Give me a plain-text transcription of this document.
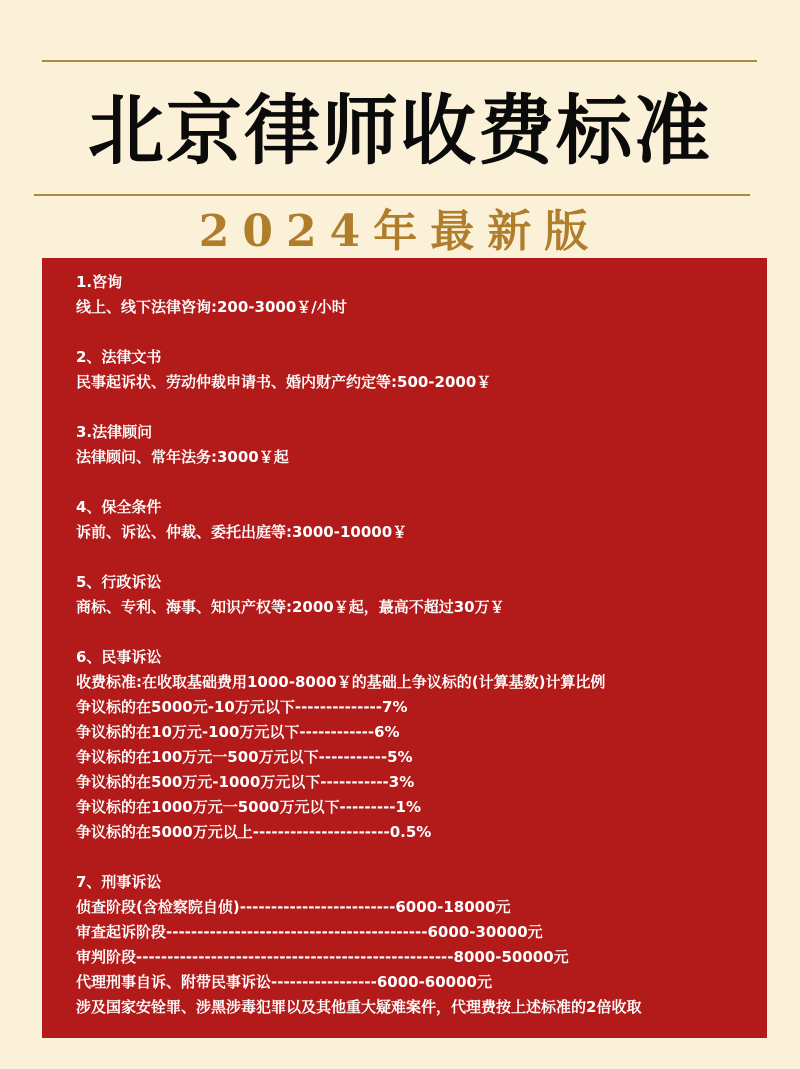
北京律师收费标准
2024年最新版
1.咨询
线上、线下法律咨询:200-3000￥/小时
2、法律文书
民事起诉状、劳动仲裁申请书、婚内财产约定等:500-2000￥
3.法律顾问
法律顾问、常年法务:3000￥起
4、保全条件
诉前、诉讼、仲裁、委托出庭等:3000-10000￥
5、行政诉讼
商标、专利、海事、知识产权等:2000￥起，蕞高不超过30万￥
6、民事诉讼
收费标准:在收取基础费用1000-8000￥的基础上争议标的(计算基数)计算比例
争议标的在5000元-10万元以下--------------7%
争议标的在10万元-100万元以下------------6%
争议标的在100万元一500万元以下-----------5%
争议标的在500万元-1000万元以下-----------3%
争议标的在1000万元一5000万元以下---------1%
争议标的在5000万元以上----------------------0.5%
7、刑事诉讼
侦查阶段(含检察院自侦)-------------------------6000-18000元
审查起诉阶段------------------------------------------6000-30000元
审判阶段---------------------------------------------------8000-50000元
代理刑事自诉、附带民事诉讼-----------------6000-60000元
涉及国家安铨罪、涉黑涉毒犯罪以及其他重大疑难案件，代理费按上述标准的2倍收取
